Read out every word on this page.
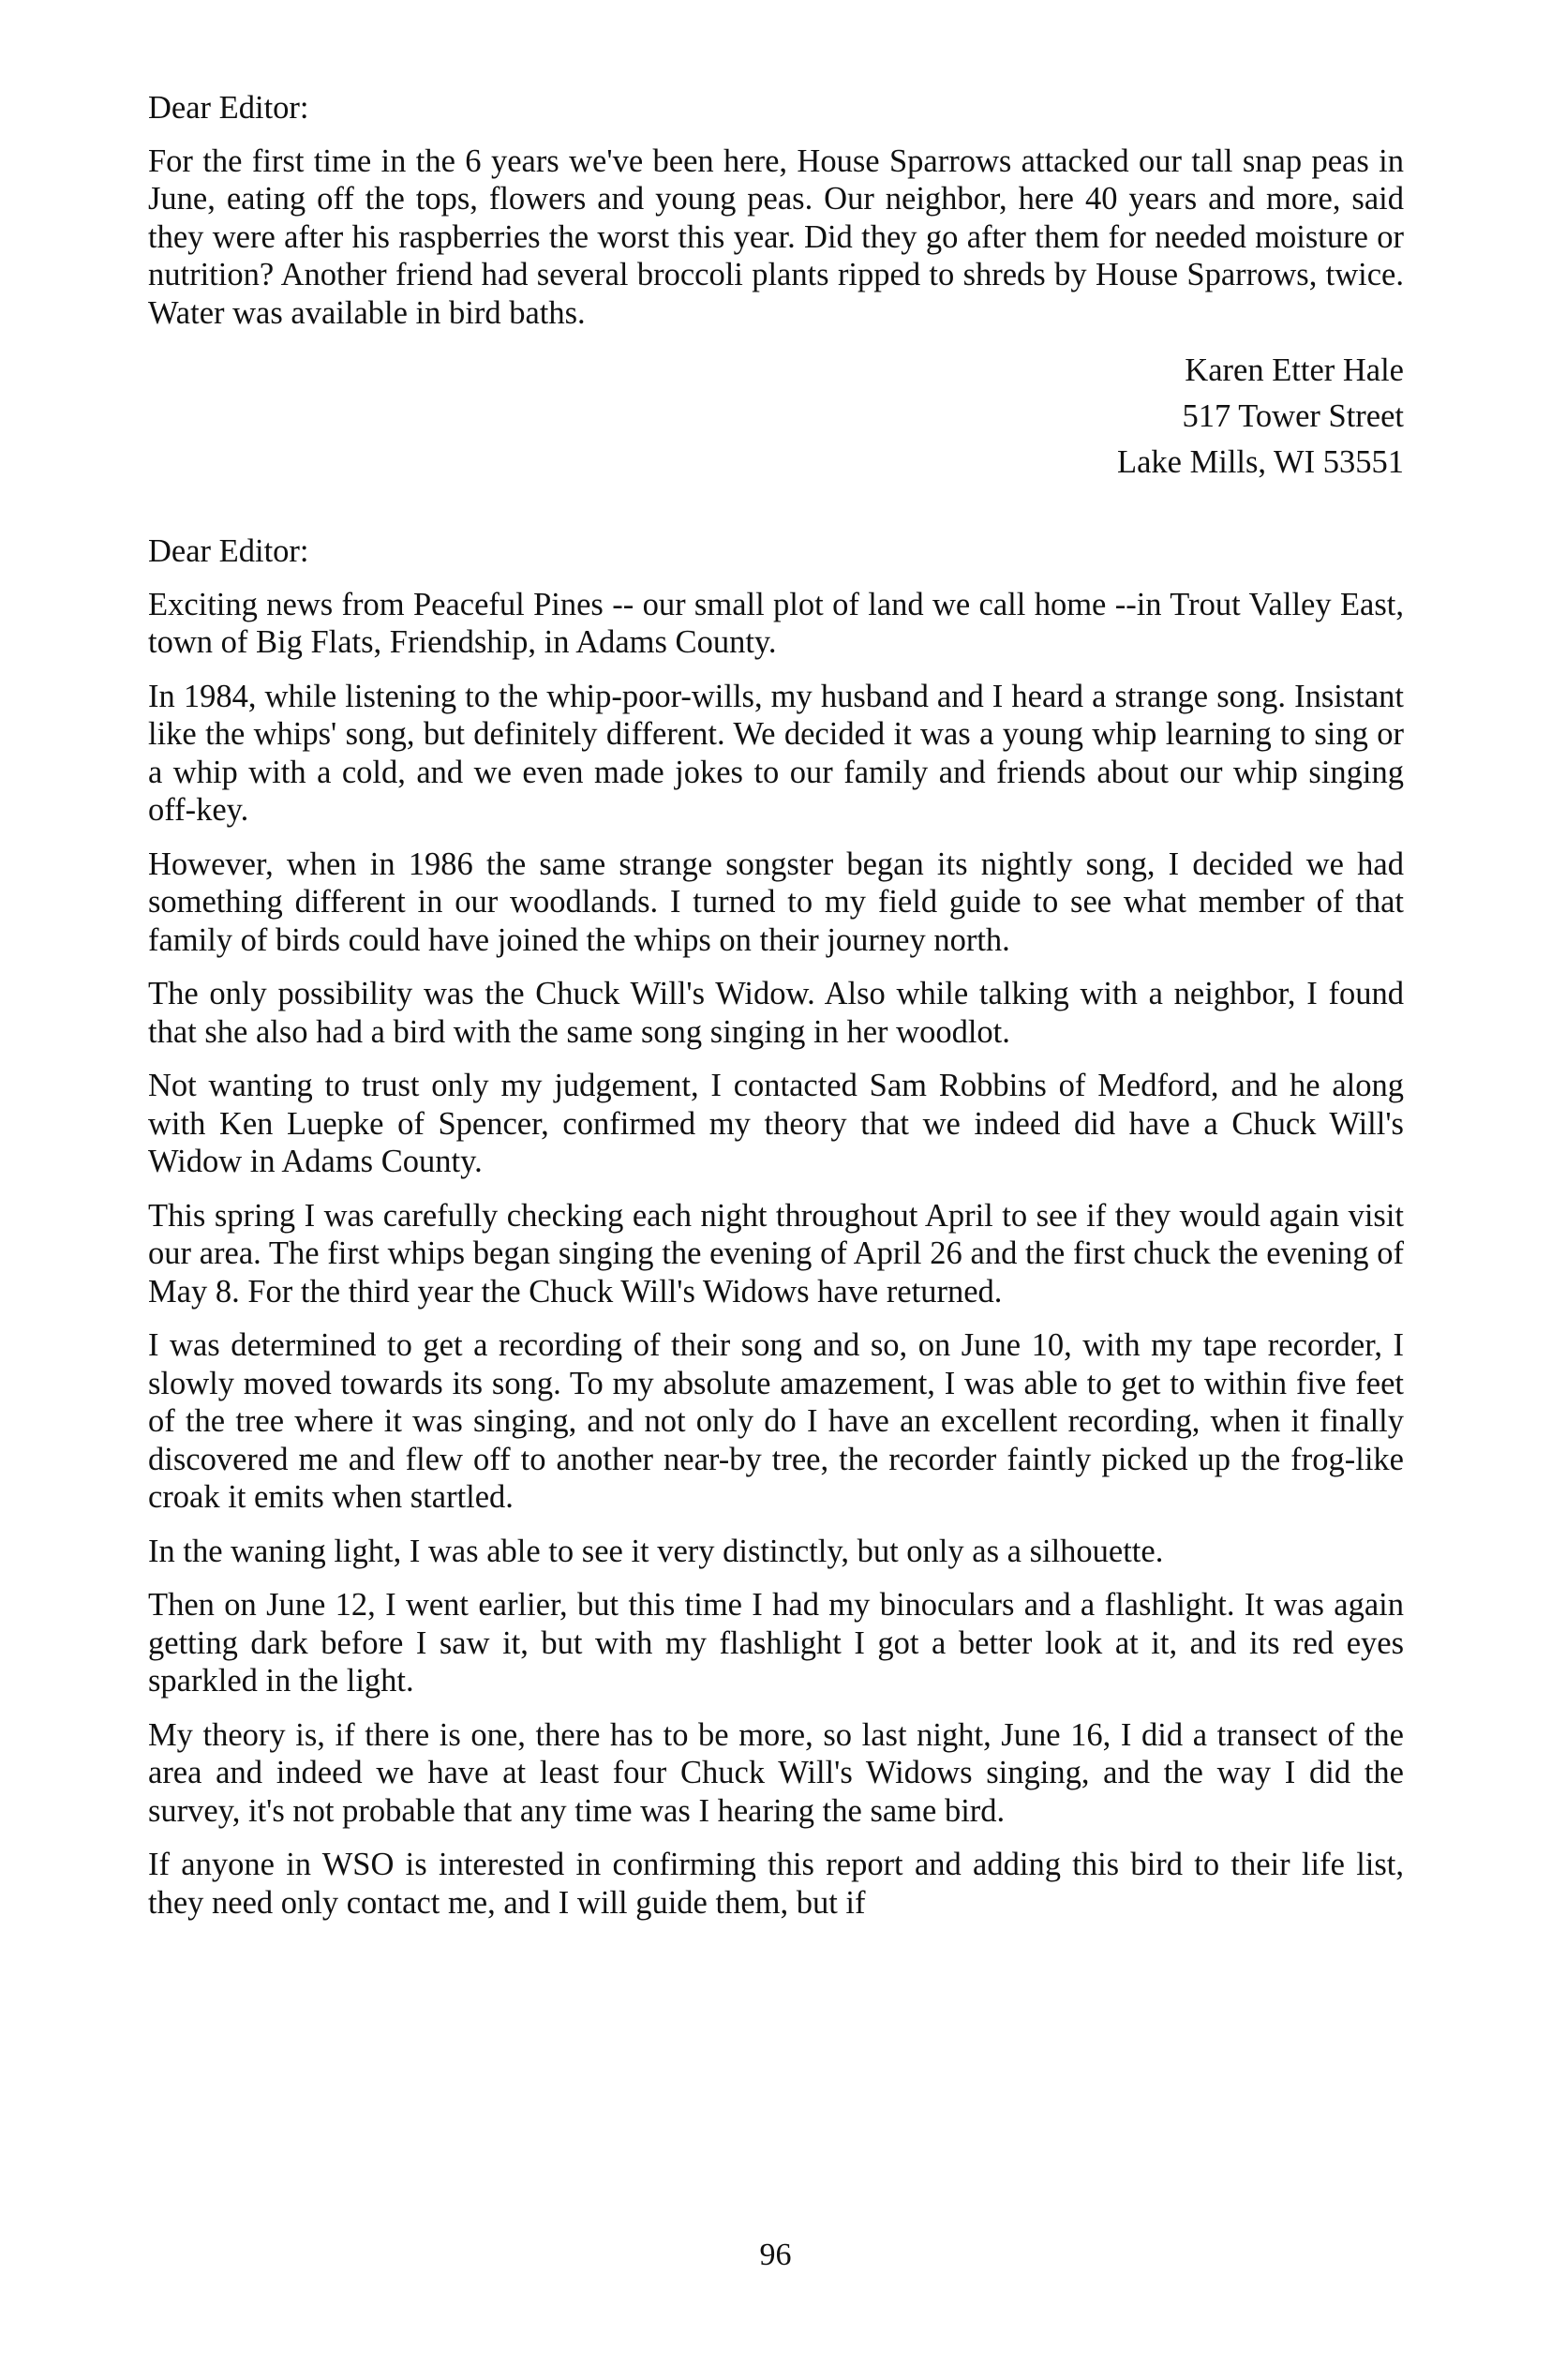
Dear Editor:

For the first time in the 6 years we've been here, House Sparrows attacked our tall snap peas in June, eating off the tops, flowers and young peas. Our neighbor, here 40 years and more, said they were after his raspberries the worst this year. Did they go after them for needed moisture or nutrition? Another friend had several broccoli plants ripped to shreds by House Sparrows, twice. Water was available in bird baths.

Karen Etter Hale
517 Tower Street
Lake Mills, WI 53551

Dear Editor:

Exciting news from Peaceful Pines -- our small plot of land we call home --in Trout Valley East, town of Big Flats, Friendship, in Adams County.

In 1984, while listening to the whip-poor-wills, my husband and I heard a strange song. Insistant like the whips' song, but definitely different. We decided it was a young whip learning to sing or a whip with a cold, and we even made jokes to our family and friends about our whip singing off-key.

However, when in 1986 the same strange songster began its nightly song, I decided we had something different in our woodlands. I turned to my field guide to see what member of that family of birds could have joined the whips on their journey north.

The only possibility was the Chuck Will's Widow. Also while talking with a neighbor, I found that she also had a bird with the same song singing in her woodlot.

Not wanting to trust only my judgement, I contacted Sam Robbins of Medford, and he along with Ken Luepke of Spencer, confirmed my theory that we indeed did have a Chuck Will's Widow in Adams County.

This spring I was carefully checking each night throughout April to see if they would again visit our area. The first whips began singing the evening of April 26 and the first chuck the evening of May 8. For the third year the Chuck Will's Widows have returned.

I was determined to get a recording of their song and so, on June 10, with my tape recorder, I slowly moved towards its song. To my absolute amazement, I was able to get to within five feet of the tree where it was singing, and not only do I have an excellent recording, when it finally discovered me and flew off to another near-by tree, the recorder faintly picked up the frog-like croak it emits when startled.

In the waning light, I was able to see it very distinctly, but only as a silhouette.

Then on June 12, I went earlier, but this time I had my binoculars and a flashlight. It was again getting dark before I saw it, but with my flashlight I got a better look at it, and its red eyes sparkled in the light.

My theory is, if there is one, there has to be more, so last night, June 16, I did a transect of the area and indeed we have at least four Chuck Will's Widows singing, and the way I did the survey, it's not probable that any time was I hearing the same bird.

If anyone in WSO is interested in confirming this report and adding this bird to their life list, they need only contact me, and I will guide them, but if

96
